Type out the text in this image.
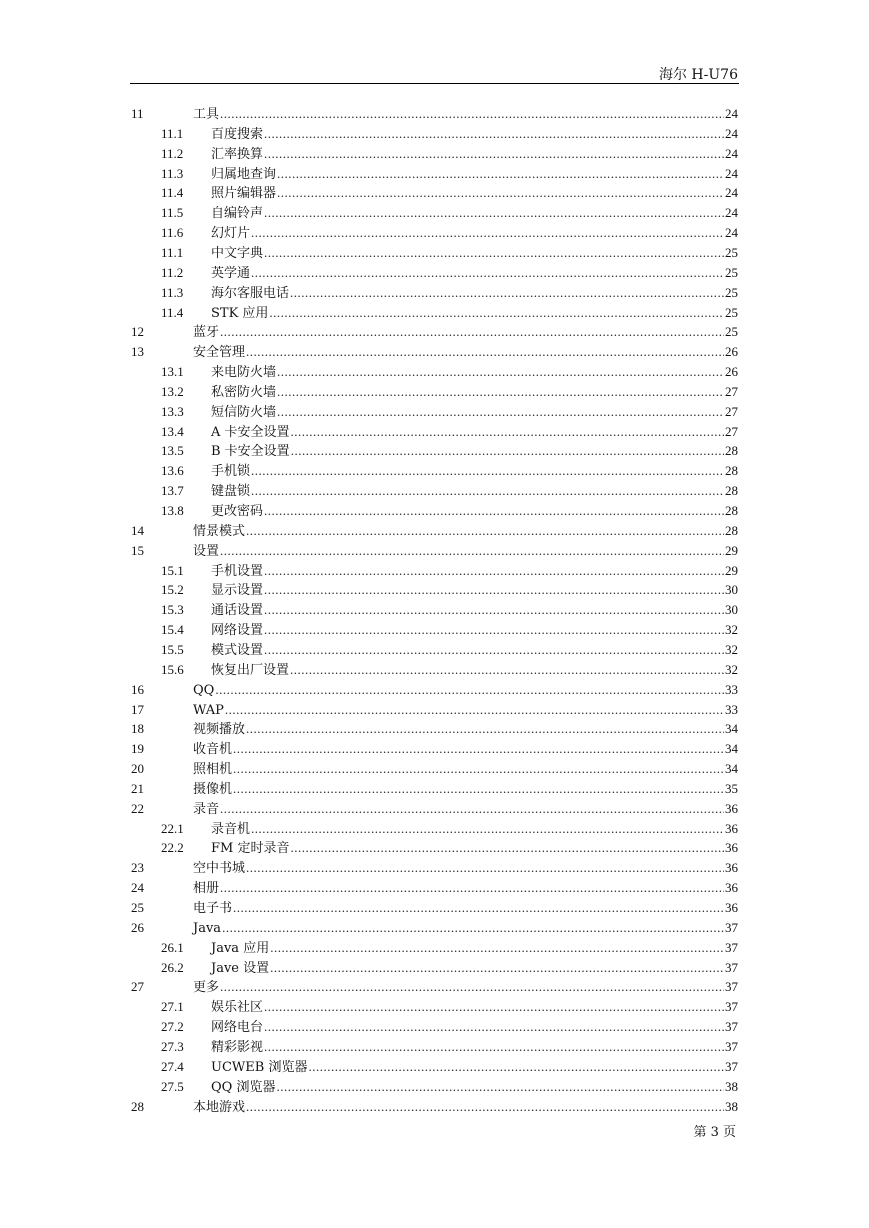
海尔 H-U76
11	工具 .....	24
11.1 百度搜索 .....	24
11.2 汇率换算 .....	24
11.3 归属地查询 .....	24
11.4 照片编辑器 .....	24
11.5 自编铃声 .....	24
11.6 幻灯片 .....	24
11.1 中文字典 .....	25
11.2 英学通 .....	25
11.3 海尔客服电话 .....	25
11.4 STK 应用 .....	25
12	蓝牙 .....	25
13	安全管理 .....	26
13.1 来电防火墙 .....	26
13.2 私密防火墙 .....	27
13.3 短信防火墙 .....	27
13.4 A 卡安全设置 .....	27
13.5 B 卡安全设置 .....	28
13.6 手机锁 .....	28
13.7 键盘锁 .....	28
13.8 更改密码 .....	28
14	情景模式 .....	28
15	设置 .....	29
15.1 手机设置 .....	29
15.2 显示设置 .....	30
15.3 通话设置 .....	30
15.4 网络设置 .....	32
15.5 模式设置 .....	32
15.6 恢复出厂设置 .....	32
16	QQ .....	33
17	WAP .....	33
18	视频播放 .....	34
19	收音机 .....	34
20	照相机 .....	34
21	摄像机 .....	35
22	录音 .....	36
22.1 录音机 .....	36
22.2 FM 定时录音 .....	36
23	空中书城 .....	36
24	相册 .....	36
25	电子书 .....	36
26	Java .....	37
26.1 Java 应用 .....	37
26.2 Jave 设置 .....	37
27	更多 .....	37
27.1 娱乐社区 .....	37
27.2 网络电台 .....	37
27.3 精彩影视 .....	37
27.4 UCWEB 浏览器 .....	37
27.5 QQ 浏览器 .....	38
28	本地游戏 .....	38
第 3 页
